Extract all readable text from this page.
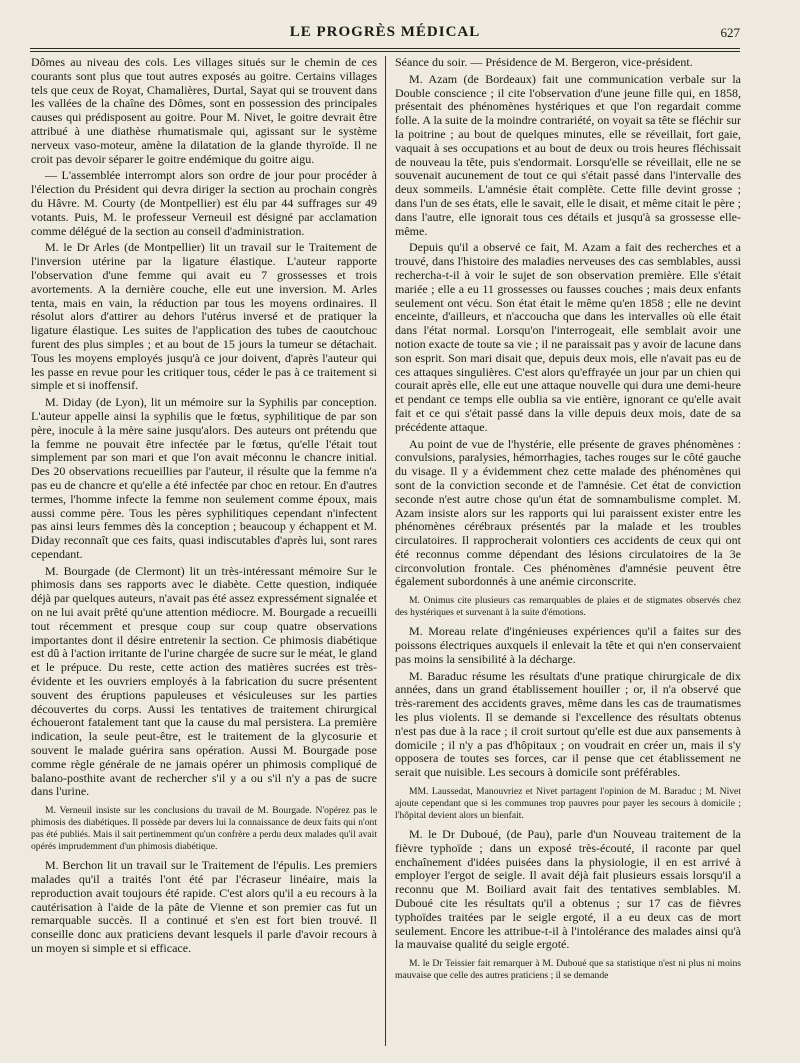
LE PROGRÈS MÉDICAL	627

Dômes au niveau des cols. Les villages situés sur le chemin de ces courants sont plus que tout autres exposés au goitre. Certains villages tels que ceux de Royat, Chamalières, Durtal, Sayat qui se trouvent dans les vallées de la chaîne des Dômes, sont en possession des principales causes qui prédisposent au goitre. Pour M. Nivet, le goitre devrait être attribué à une diathèse rhumatismale qui, agissant sur le système nerveux vaso-moteur, amène la dilatation de la glande thyroïde. Il ne croit pas devoir séparer le goitre endémique du goitre aigu.

— L'assemblée interrompt alors son ordre de jour pour procéder à l'élection du Président qui devra diriger la section au prochain congrès du Hâvre. M. Courty (de Montpellier) est élu par 44 suffrages sur 49 votants. Puis, M. le professeur Verneuil est désigné par acclamation comme délégué de la section au conseil d'administration.

M. le Dr Arles (de Montpellier) lit un travail sur le Traitement de l'inversion utérine par la ligature élastique. L'auteur rapporte l'observation d'une femme qui avait eu 7 grossesses et trois avortements. A la dernière couche, elle eut une inversion. M. Arles tenta, mais en vain, la réduction par tous les moyens ordinaires. Il résolut alors d'attirer au dehors l'utérus inversé et de pratiquer la ligature élastique. Les suites de l'application des tubes de caoutchouc furent des plus simples ; et au bout de 15 jours la tumeur se détachait. Tous les moyens employés jusqu'à ce jour doivent, d'après l'auteur qui les passe en revue pour les critiquer tous, céder le pas à ce traitement si simple et si inoffensif.

M. Diday (de Lyon), lit un mémoire sur la Syphilis par conception. L'auteur appelle ainsi la syphilis que le fœtus, syphilitique de par son père, inocule à la mère saine jusqu'alors. Des auteurs ont prétendu que la femme ne pouvait être infectée par le fœtus, qu'elle l'était tout simplement par son mari et que l'on avait méconnu le chancre initial. Des 20 observations recueillies par l'auteur, il résulte que la femme n'a pas eu de chancre et qu'elle a été infectée par choc en retour. En d'autres termes, l'homme infecte la femme non seulement comme époux, mais aussi comme père. Tous les pères syphilitiques cependant n'infectent pas ainsi leurs femmes dès la conception ; beaucoup y échappent et M. Diday reconnaît que ces faits, quasi indiscutables d'après lui, sont rares cependant.

M. Bourgade (de Clermont) lit un très-intéressant mémoire Sur le phimosis dans ses rapports avec le diabète. Cette question, indiquée déjà par quelques auteurs, n'avait pas été assez expressément signalée et on ne lui avait prêté qu'une attention médiocre. M. Bourgade a recueilli tout récemment et presque coup sur coup quatre observations importantes dont il désire entretenir la section. Ce phimosis diabétique est dû à l'action irritante de l'urine chargée de sucre sur le méat, le gland et le prépuce. Du reste, cette action des matières sucrées est très-évidente et les ouvriers employés à la fabrication du sucre présentent souvent des éruptions papuleuses et vésiculeuses sur les parties découvertes du corps. Aussi les tentatives de traitement chirurgical échoueront fatalement tant que la cause du mal persistera. La première indication, la seule peut-être, est le traitement de la glycosurie et souvent le malade guérira sans opération. Aussi M. Bourgade pose comme règle générale de ne jamais opérer un phimosis compliqué de balano-posthite avant de rechercher s'il y a ou s'il n'y a pas de sucre dans l'urine.

M. Verneuil insiste sur les conclusions du travail de M. Bourgade. N'opérez pas le phimosis des diabétiques. Il possède par devers lui la connaissance de deux faits qui n'ont pas été publiés. Mais il sait pertinemment qu'un confrère a perdu deux malades qu'il avait opérés imprudemment d'un phimosis diabétique.

M. Berchon lit un travail sur le Traitement de l'épulis. Les premiers malades qu'il a traités l'ont été par l'écraseur linéaire, mais la reproduction avait toujours été rapide. C'est alors qu'il a eu recours à la cautérisation à l'aide de la pâte de Vienne et son premier cas fut un remarquable succès. Il a continué et s'en est fort bien trouvé. Il conseille donc aux praticiens devant lesquels il parle d'avoir recours à un moyen si simple et si efficace.

Séance du soir. — Présidence de M. Bergeron, vice-président.

M. Azam (de Bordeaux) fait une communication verbale sur la Double conscience ; il cite l'observation d'une jeune fille qui, en 1858, présentait des phénomènes hystériques et que l'on regardait comme folle. A la suite de la moindre contrariété, on voyait sa tête se fléchir sur la poitrine ; au bout de quelques minutes, elle se réveillait, fort gaie, vaquait à ses occupations et au bout de deux ou trois heures fléchissait de nouveau la tête, puis s'endormait. Lorsqu'elle se réveillait, elle ne se souvenait aucunement de tout ce qui s'était passé dans l'intervalle des deux sommeils. L'amnésie était complète. Cette fille devint grosse ; dans l'un de ses états, elle le savait, elle le disait, et même citait le père ; dans l'autre, elle ignorait tous ces détails et jusqu'à sa grossesse elle-même.

Depuis qu'il a observé ce fait, M. Azam a fait des recherches et a trouvé, dans l'histoire des maladies nerveuses des cas semblables, aussi rechercha-t-il à voir le sujet de son observation première. Elle s'était mariée ; elle a eu 11 grossesses ou fausses couches ; mais deux enfants seulement ont vécu. Son état était le même qu'en 1858 ; elle ne devint enceinte, d'ailleurs, et n'accoucha que dans les intervalles où elle était dans l'état normal. Lorsqu'on l'interrogeait, elle semblait avoir une notion exacte de toute sa vie ; il ne paraissait pas y avoir de lacune dans son esprit. Son mari disait que, depuis deux mois, elle n'avait pas eu de ces attaques singulières. C'est alors qu'effrayée un jour par un chien qui courait après elle, elle eut une attaque nouvelle qui dura une demi-heure et pendant ce temps elle oublia sa vie entière, ignorant ce qu'elle avait fait et ce qui s'était passé dans la ville depuis deux mois, date de sa précédente attaque.

Au point de vue de l'hystérie, elle présente de graves phénomènes : convulsions, paralysies, hémorrhagies, taches rouges sur le côté gauche du visage. Il y a évidemment chez cette malade des phénomènes qui sont de la conviction seconde et de l'amnésie. Cet état de conviction seconde n'est autre chose qu'un état de somnambulisme complet. M. Azam insiste alors sur les rapports qui lui paraissent exister entre les phénomènes cérébraux présentés par la malade et les troubles circulatoires. Il rapprocherait volontiers ces accidents de ceux qui ont été reconnus comme dépendant des lésions circulatoires de la 3e circonvolution frontale. Ces phénomènes d'amnésie peuvent être également subordonnés à une anémie circonscrite.

M. Onimus cite plusieurs cas remarquables de plaies et de stigmates observés chez des hystériques et survenant à la suite d'émotions.

M. Moreau relate d'ingénieuses expériences qu'il a faites sur des poissons électriques auxquels il enlevait la tête et qui n'en conservaient pas moins la sensibilité à la décharge.

M. Baraduc résume les résultats d'une pratique chirurgicale de dix années, dans un grand établissement houiller ; or, il n'a observé que très-rarement des accidents graves, même dans les cas de traumatismes les plus violents. Il se demande si l'excellence des résultats obtenus n'est pas due à la race ; il croit surtout qu'elle est due aux pansements à domicile ; il n'y a pas d'hôpitaux ; on voudrait en créer un, mais il s'y opposera de toutes ses forces, car il pense que cet établissement ne serait que nuisible. Les secours à domicile sont préférables.

MM. Laussedat, Manouvriez et Nivet partagent l'opinion de M. Baraduc ; M. Nivet ajoute cependant que si les communes trop pauvres pour payer les secours à domicile ; l'hôpital devient alors un bienfait.

M. le Dr Duboué, (de Pau), parle d'un Nouveau traitement de la fièvre typhoïde ; dans un exposé très-écouté, il raconte par quel enchaînement d'idées puisées dans la physiologie, il en est arrivé à employer l'ergot de seigle. Il avait déjà fait plusieurs essais lorsqu'il a reconnu que M. Boiliard avait fait des tentatives semblables. M. Duboué cite les résultats qu'il a obtenus ; sur 17 cas de fièvres typhoïdes traitées par le seigle ergoté, il a eu deux cas de mort seulement. Encore les attribue-t-il à l'intolérance des malades ainsi qu'à la mauvaise qualité du seigle ergoté.

M. le Dr Teissier fait remarquer à M. Duboué que sa statistique n'est ni plus ni moins mauvaise que celle des autres praticiens ; il se demande
